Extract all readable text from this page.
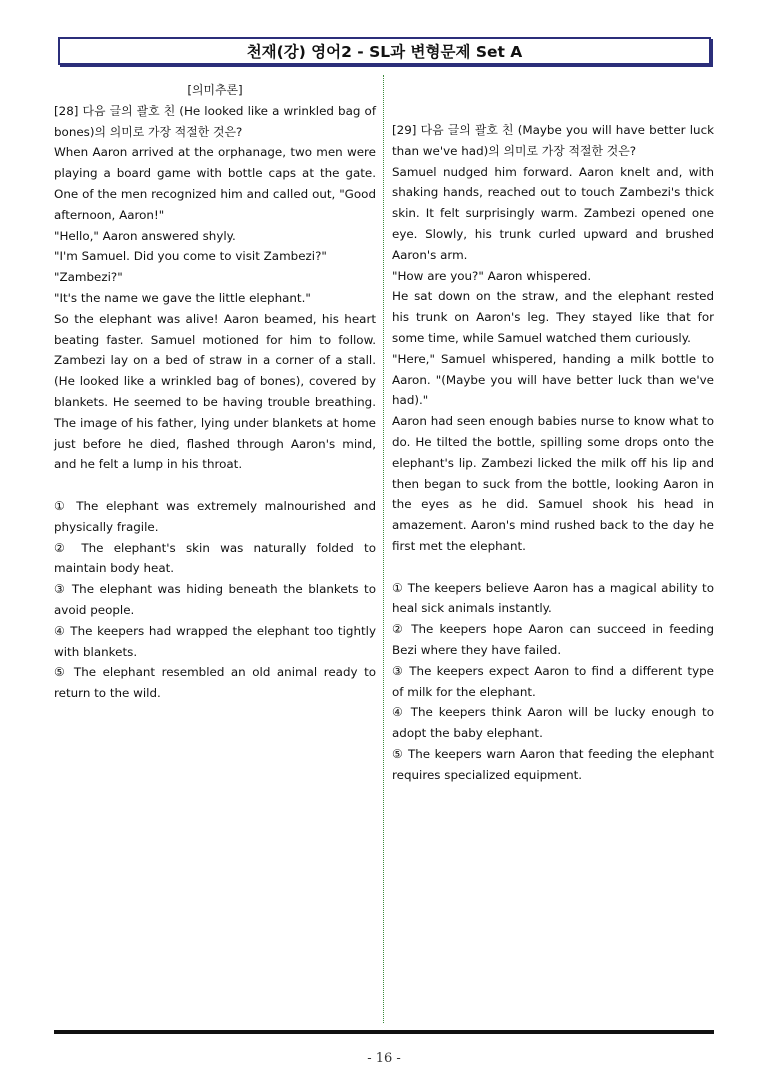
천재(강) 영어2 - SL과 변형문제 Set A

[의미추론]

[28] 다음 글의 괄호 친 (He looked like a wrinkled bag of bones)의 의미로 가장 적절한 것은?

When Aaron arrived at the orphanage, two men were playing a board game with bottle caps at the gate. One of the men recognized him and called out, "Good afternoon, Aaron!"

"Hello," Aaron answered shyly.

"I'm Samuel. Did you come to visit Zambezi?"

"Zambezi?"

"It's the name we gave the little elephant."

So the elephant was alive! Aaron beamed, his heart beating faster. Samuel motioned for him to follow. Zambezi lay on a bed of straw in a corner of a stall. (He looked like a wrinkled bag of bones), covered by blankets. He seemed to be having trouble breathing. The image of his father, lying under blankets at home just before he died, flashed through Aaron's mind, and he felt a lump in his throat.

① The elephant was extremely malnourished and physically fragile.

② The elephant's skin was naturally folded to maintain body heat.

③ The elephant was hiding beneath the blankets to avoid people.

④ The keepers had wrapped the elephant too tightly with blankets.

⑤ The elephant resembled an old animal ready to return to the wild.

[29] 다음 글의 괄호 친 (Maybe you will have better luck than we've had)의 의미로 가장 적절한 것은?

Samuel nudged him forward. Aaron knelt and, with shaking hands, reached out to touch Zambezi's thick skin. It felt surprisingly warm. Zambezi opened one eye. Slowly, his trunk curled upward and brushed Aaron's arm.

"How are you?" Aaron whispered.

He sat down on the straw, and the elephant rested his trunk on Aaron's leg. They stayed like that for some time, while Samuel watched them curiously.

"Here," Samuel whispered, handing a milk bottle to Aaron. "(Maybe you will have better luck than we've had)."

Aaron had seen enough babies nurse to know what to do. He tilted the bottle, spilling some drops onto the elephant's lip. Zambezi licked the milk off his lip and then began to suck from the bottle, looking Aaron in the eyes as he did. Samuel shook his head in amazement. Aaron's mind rushed back to the day he first met the elephant.

① The keepers believe Aaron has a magical ability to heal sick animals instantly.

② The keepers hope Aaron can succeed in feeding Bezi where they have failed.

③ The keepers expect Aaron to find a different type of milk for the elephant.

④ The keepers think Aaron will be lucky enough to adopt the baby elephant.

⑤ The keepers warn Aaron that feeding the elephant requires specialized equipment.

- 16 -
